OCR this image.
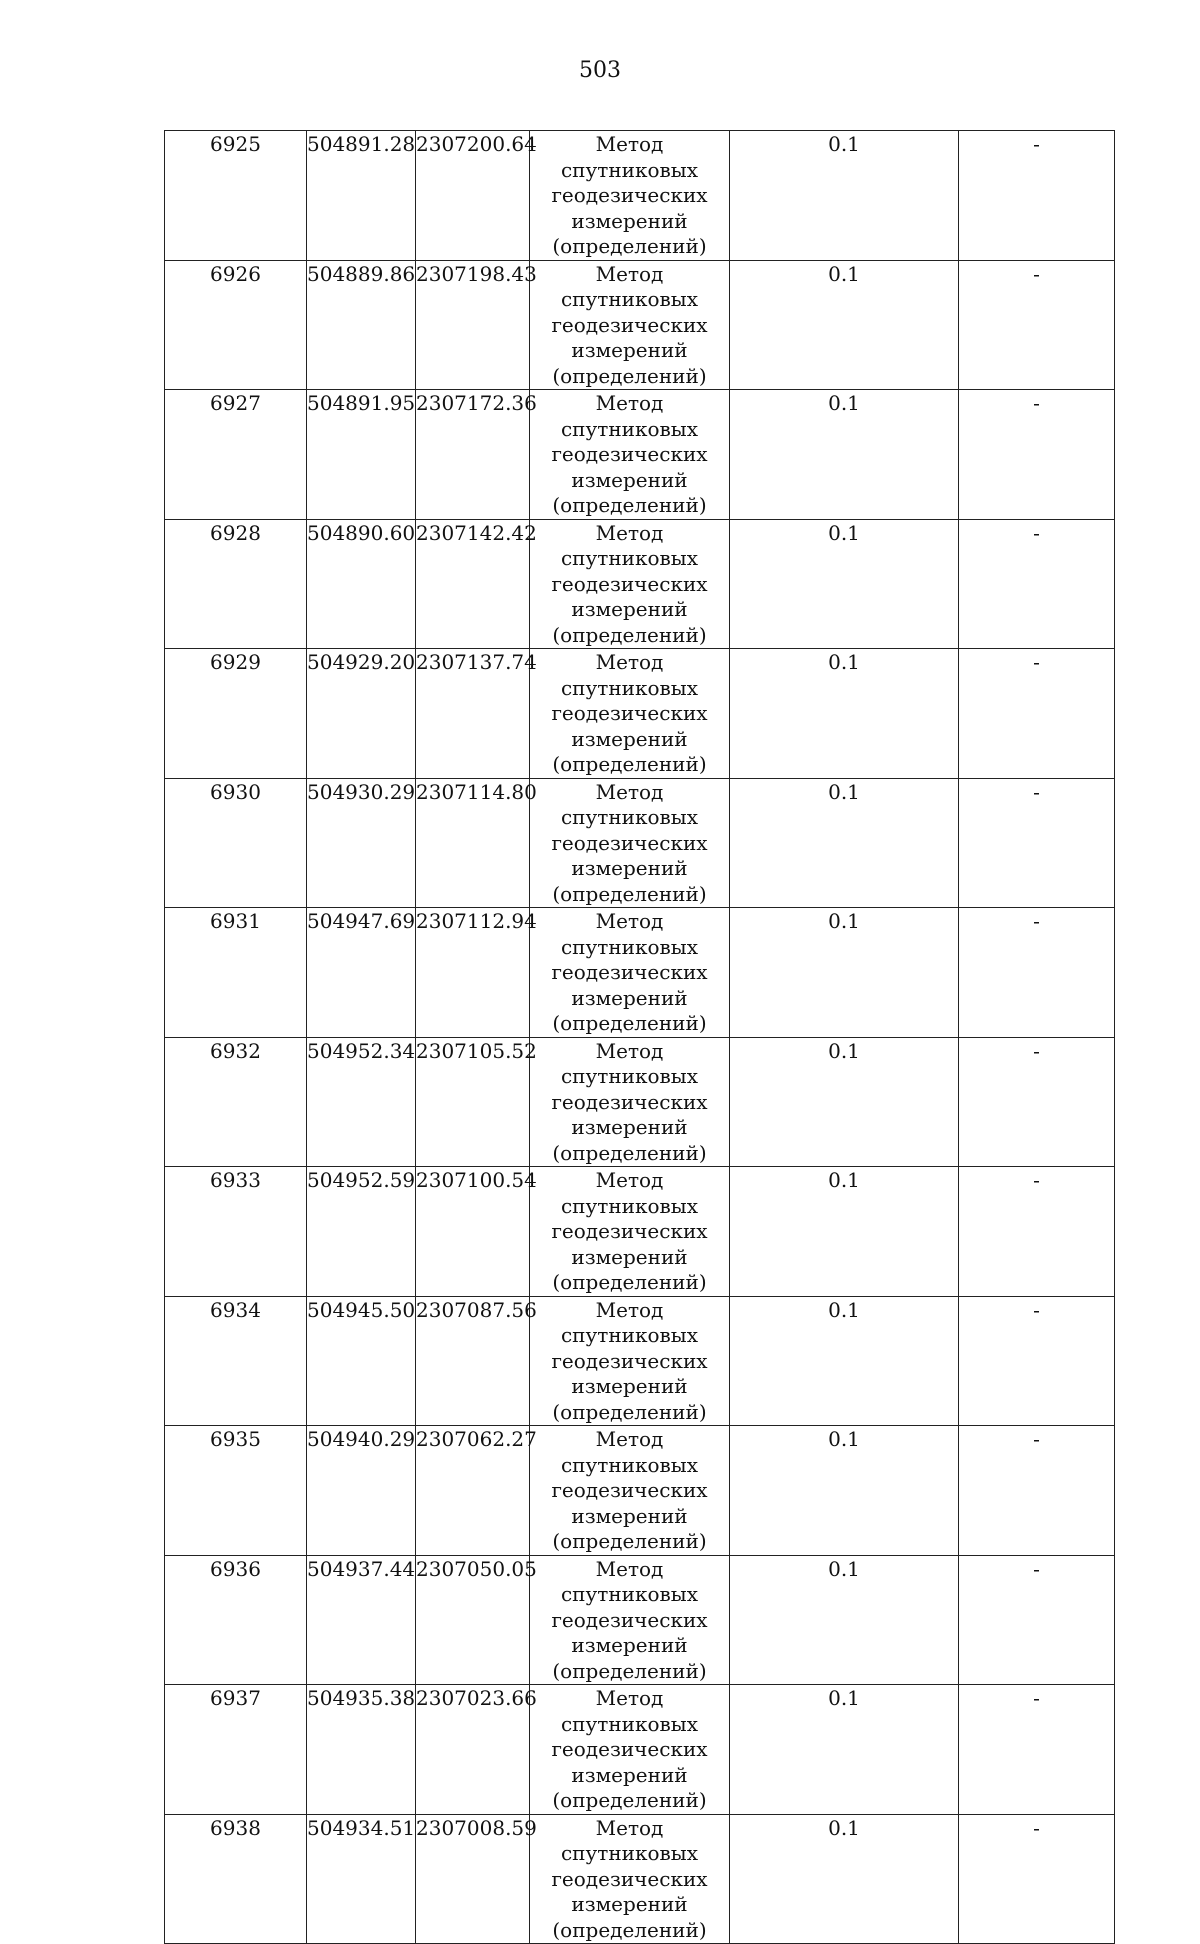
503
6925	504891.28	2307200.64	Метод спутниковых геодезических измерений (определений)	0.1	-

6926	504889.86	2307198.43	Метод спутниковых геодезических измерений (определений)	0.1	-

6927	504891.95	2307172.36	Метод спутниковых геодезических измерений (определений)	0.1	-

6928	504890.60	2307142.42	Метод спутниковых геодезических измерений (определений)	0.1	-

6929	504929.20	2307137.74	Метод спутниковых геодезических измерений (определений)	0.1	-

6930	504930.29	2307114.80	Метод спутниковых геодезических измерений (определений)	0.1	-

6931	504947.69	2307112.94	Метод спутниковых геодезических измерений (определений)	0.1	-

6932	504952.34	2307105.52	Метод спутниковых геодезических измерений (определений)	0.1	-

6933	504952.59	2307100.54	Метод спутниковых геодезических измерений (определений)	0.1	-

6934	504945.50	2307087.56	Метод спутниковых геодезических измерений (определений)	0.1	-

6935	504940.29	2307062.27	Метод спутниковых геодезических измерений (определений)	0.1	-

6936	504937.44	2307050.05	Метод спутниковых геодезических измерений (определений)	0.1	-

6937	504935.38	2307023.66	Метод спутниковых геодезических измерений (определений)	0.1	-

6938	504934.51	2307008.59	Метод спутниковых геодезических измерений (определений)	0.1	-
